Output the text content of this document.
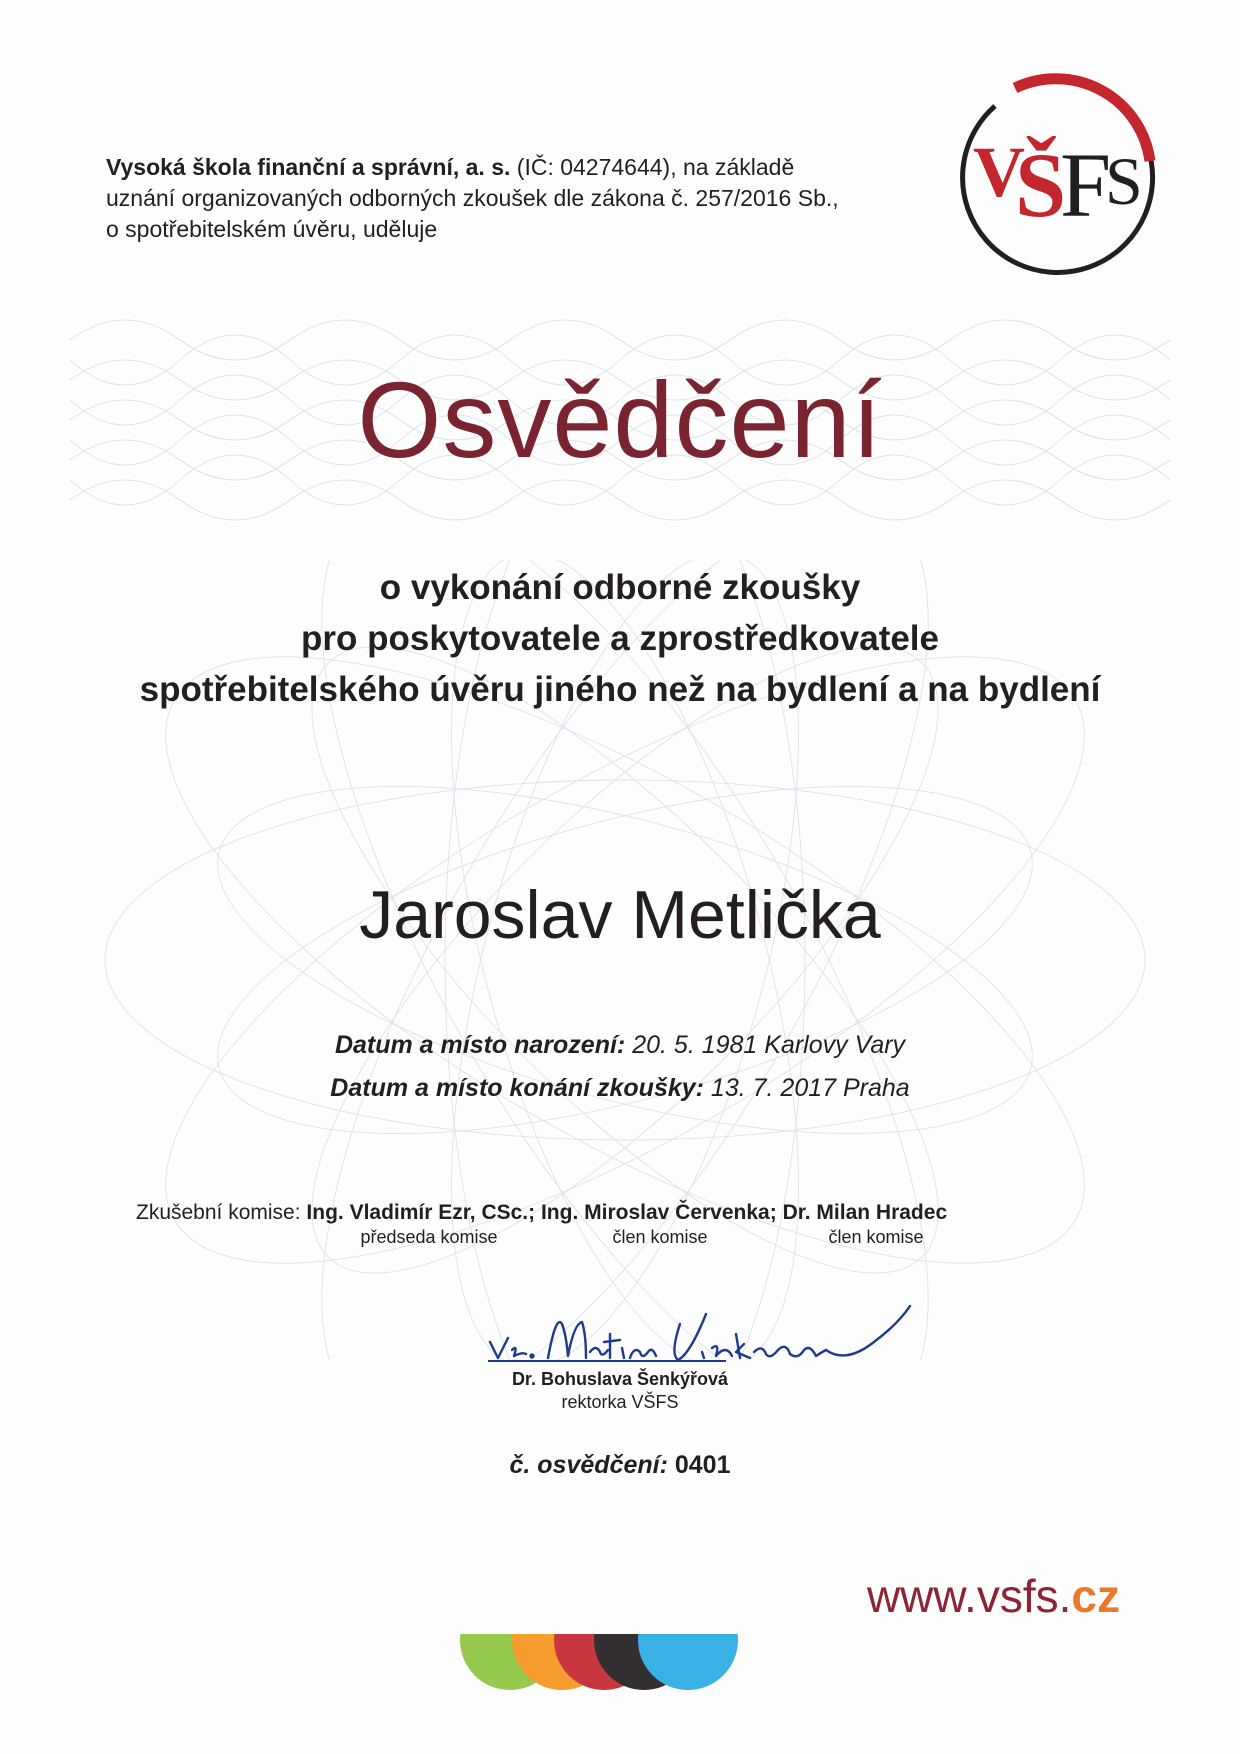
Vysoká škola finanční a správní, a. s. (IČ: 04274644), na základě
uznání organizovaných odborných zkoušek dle zákona č. 257/2016 Sb.,
o spotřebitelském úvěru, uděluje
V
Š
F
S
Osvědčení
o vykonání odborné zkoušky
pro poskytovatele a zprostředkovatele
spotřebitelského úvěru jiného než na bydlení a na bydlení
Jaroslav Metlička
Datum a místo narození: 20. 5. 1981 Karlovy Vary
Datum a místo konání zkoušky: 13. 7. 2017 Praha
Zkušební komise: Ing. Vladimír Ezr, CSc.; Ing. Miroslav Červenka; Dr. Milan Hradec
předseda komise	člen komise	člen komise
Dr. Bohuslava Šenkýřová
rektorka VŠFS
č. osvědčení: 0401
www.vsfs.cz
